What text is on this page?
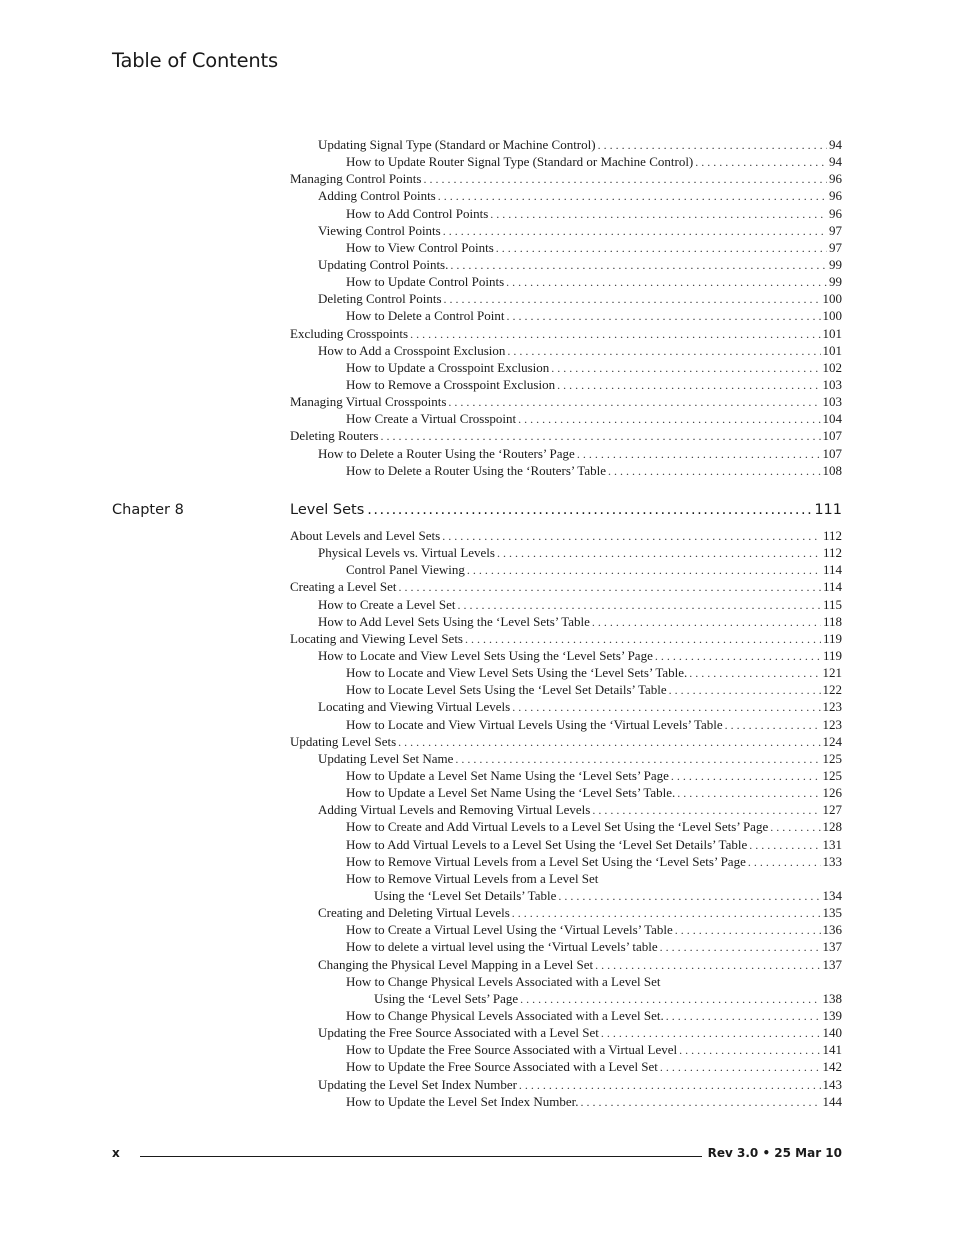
Table of Contents
Updating Signal Type (Standard or Machine Control) . . .	94
How to Update Router Signal Type (Standard or Machine Control) . . .	94
Managing Control Points . . .	96
Adding Control Points . . .	96
How to Add Control Points . . .	96
Viewing Control Points . . .	97
How to View Control Points . . .	97
Updating Control Points. . . .	99
How to Update Control Points . . .	99
Deleting Control Points . . .	100
How to Delete a Control Point . . .	100
Excluding Crosspoints . . .	101
How to Add a Crosspoint Exclusion . . .	101
How to Update a Crosspoint Exclusion . . .	102
How to Remove a Crosspoint Exclusion . . .	103
Managing Virtual Crosspoints . . .	103
How Create a Virtual Crosspoint . . .	104
Deleting Routers . . .	107
How to Delete a Router Using the ‘Routers’ Page . . .	107
How to Delete a Router Using the ‘Routers’ Table . . .	108
Chapter 8	Level Sets .....	111
About Levels and Level Sets . . .	112
Physical Levels vs. Virtual Levels . . .	112
Control Panel Viewing . . .	114
Creating a Level Set . . .	114
How to Create a Level Set . . .	115
How to Add Level Sets Using the ‘Level Sets’ Table . . .	118
Locating and Viewing Level Sets . . .	119
How to Locate and View Level Sets Using the ‘Level Sets’ Page . . .	119
How to Locate and View Level Sets Using the ‘Level Sets’ Table. . . .	121
How to Locate Level Sets Using the ‘Level Set Details’ Table . . .	122
Locating and Viewing Virtual Levels . . .	123
How to Locate and View Virtual Levels Using the ‘Virtual Levels’ Table . . .	123
Updating Level Sets . . .	124
Updating Level Set Name . . .	125
How to Update a Level Set Name Using the ‘Level Sets’ Page . . .	125
How to Update a Level Set Name Using the ‘Level Sets’ Table. . . .	126
Adding Virtual Levels and Removing Virtual Levels . . .	127
How to Create and Add Virtual Levels to a Level Set Using the ‘Level Sets’ Page . . .	128
How to Add Virtual Levels to a Level Set Using the ‘Level Set Details’ Table . . .	131
How to Remove Virtual Levels from a Level Set Using the ‘Level Sets’ Page . . .	133
How to Remove Virtual Levels from a Level Set
Using the ‘Level Set Details’ Table . . .	134
Creating and Deleting Virtual Levels . . .	135
How to Create a Virtual Level Using the ‘Virtual Levels’ Table . . .	136
How to delete a virtual level using the ‘Virtual Levels’ table . . .	137
Changing the Physical Level Mapping in a Level Set . . .	137
How to Change Physical Levels Associated with a Level Set
Using the ‘Level Sets’ Page . . .	138
How to Change Physical Levels Associated with a Level Set. . . .	139
Updating the Free Source Associated with a Level Set . . .	140
How to Update the Free Source Associated with a Virtual Level . . .	141
How to Update the Free Source Associated with a Level Set . . .	142
Updating the Level Set Index Number . . .	143
How to Update the Level Set Index Number. . . .	144
x	Rev 3.0 • 25 Mar 10
